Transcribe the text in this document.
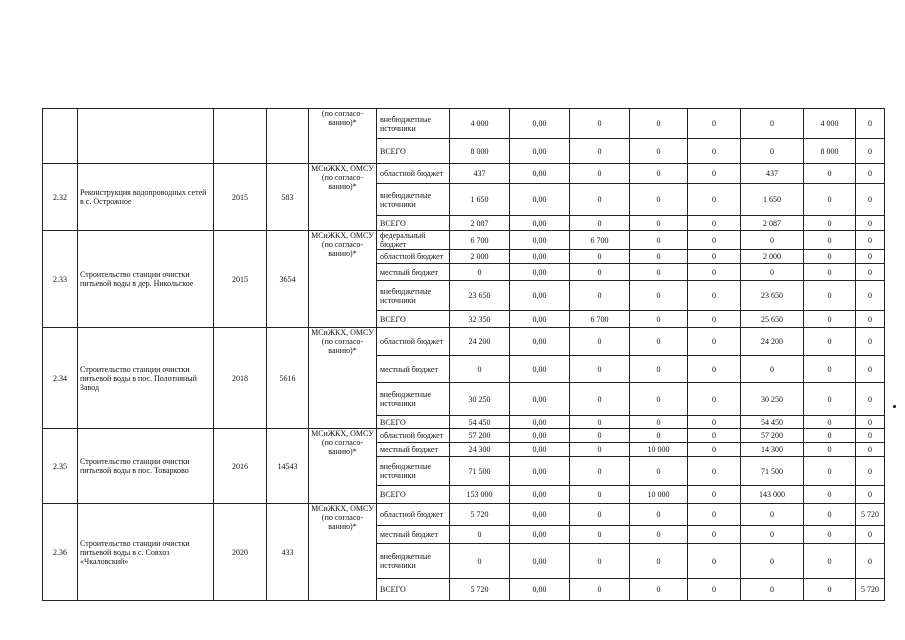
				(по согласо-ванию)*	внебюджетные источники	4 000	0,00	0	0	0	0	4 000	0
					ВСЕГО	8 000	0,00	0	0	0	0	8 000	0
2.32	Реконструкция водопроводных сетей в с. Острожное	2015	583	МСиЖКХ, ОМСУ (по согласо-ванию)*	областной бюджет	437	0,00	0	0	0	437	0	0
					внебюджетные источники	1 650	0,00	0	0	0	1 650	0	0
					ВСЕГО	2 087	0,00	0	0	0	2 087	0	0
2.33	Строительство станции очистки питьевой воды в дер. Никольское	2015	3654	МСиЖКХ, ОМСУ (по согласо-ванию)*	федеральный бюджет	6 700	0,00	6 700	0	0	0	0	0
					областной бюджет	2 000	0,00	0	0	0	2 000	0	0
					местный бюджет	0	0,00	0	0	0	0	0	0
					внебюджетные источники	23 650	0,00	0	0	0	23 650	0	0
					ВСЕГО	32 350	0,00	6 700	0	0	25 650	0	0
2.34	Строительство станции очистки питьевой воды в пос. Полотняный Завод	2018	5616	МСиЖКХ, ОМСУ (по согласо-ванию)*	областной бюджет	24 200	0,00	0	0	0	24 200	0	0
					местный бюджет	0	0,00	0	0	0	0	0	0
					внебюджетные источники	30 250	0,00	0	0	0	30 250	0	0
					ВСЕГО	54 450	0,00	0	0	0	54 450	0	0
2.35	Строительство станции очистки питьевой воды в пос. Товарково	2016	14543	МСиЖКХ, ОМСУ (по согласо-ванию)*	областной бюджет	57 200	0,00	0	0	0	57 200	0	0
					местный бюджет	24 300	0,00	0	10 000	0	14 300	0	0
					внебюджетные источники	71 500	0,00	0	0	0	71 500	0	0
					ВСЕГО	153 000	0,00	0	10 000	0	143 000	0	0
2.36	Строительство станции очистки питьевой воды в с. Совхоз «Чкаловский»	2020	433	МСиЖКХ, ОМСУ (по согласо-ванию)*	областной бюджет	5 720	0,00	0	0	0	0	0	5 720
					местный бюджет	0	0,00	0	0	0	0	0	0
					внебюджетные источники	0	0,00	0	0	0	0	0	0
					ВСЕГО	5 720	0,00	0	0	0	0	0	5 720
